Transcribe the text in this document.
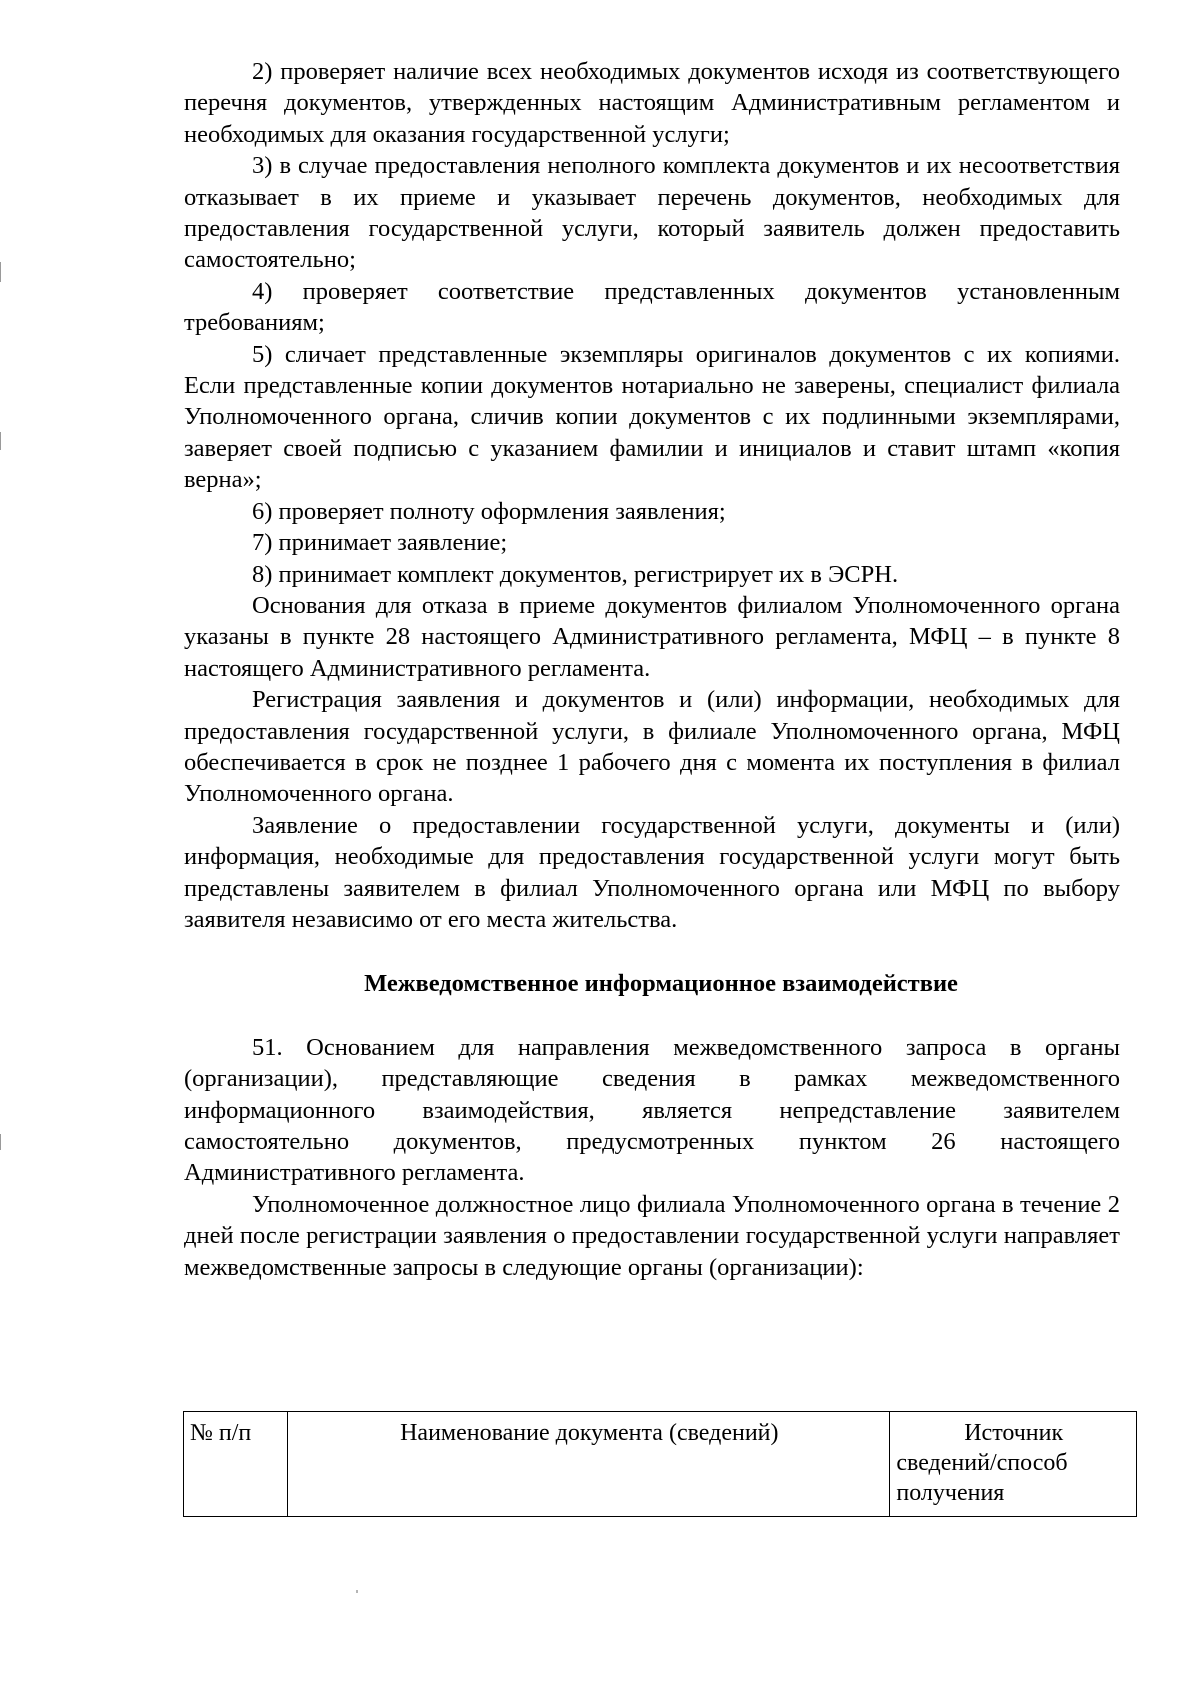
2) проверяет наличие всех необходимых документов исходя из соответствующего перечня документов, утвержденных настоящим Административным регламентом и необходимых для оказания государственной услуги;

3) в случае предоставления неполного комплекта документов и их несоответствия отказывает в их приеме и указывает перечень документов, необходимых для предоставления государственной услуги, который заявитель должен предоставить самостоятельно;

4) проверяет соответствие представленных документов установленным требованиям;

5) сличает представленные экземпляры оригиналов документов с их копиями. Если представленные копии документов нотариально не заверены, специалист филиала Уполномоченного органа, сличив копии документов с их подлинными экземплярами, заверяет своей подписью с указанием фамилии и инициалов и ставит штамп «копия верна»;

6) проверяет полноту оформления заявления;

7) принимает заявление;

8) принимает комплект документов, регистрирует их в ЭСРН.

Основания для отказа в приеме документов филиалом Уполномоченного органа указаны в пункте 28 настоящего Административного регламента, МФЦ – в пункте 8 настоящего Административного регламента.

Регистрация заявления и документов и (или) информации, необходимых для предоставления государственной услуги, в филиале Уполномоченного органа, МФЦ обеспечивается в срок не позднее 1 рабочего дня с момента их поступления в филиал Уполномоченного органа.

Заявление о предоставлении государственной услуги, документы и (или) информация, необходимые для предоставления государственной услуги могут быть представлены заявителем в филиал Уполномоченного органа или МФЦ по выбору заявителя независимо от его места жительства.

Межведомственное информационное взаимодействие

51. Основанием для направления межведомственного запроса в органы (организации), представляющие сведения в рамках межведомственного информационного взаимодействия, является непредставление заявителем самостоятельно документов, предусмотренных пунктом 26 настоящего Административного регламента.

Уполномоченное должностное лицо филиала Уполномоченного органа в течение 2 дней после регистрации заявления о предоставлении государственной услуги направляет межведомственные запросы в следующие органы (организации):

№ п/п	Наименование документа (сведений)	Источник
сведений/способ получения
